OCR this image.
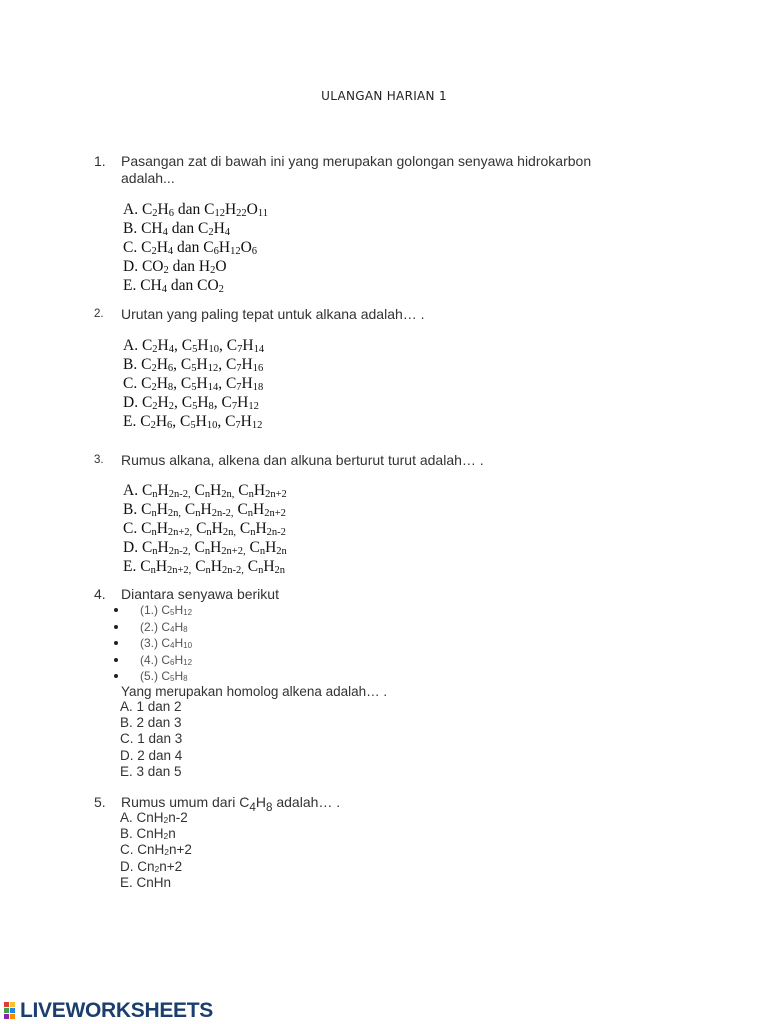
ULANGAN HARIAN 1
1. Pasangan zat di bawah ini yang merupakan golongan senyawa hidrokarbon adalah...
A. $C_2H_6$ dan $C_{12}H_{22}O_{11}$
B. $CH_4$ dan $C_2H_4$
C. $C_2H_4$ dan $C_6H_{12}O_6$
D. $CO_2$ dan $H_2O$
E. $CH_4$ dan $CO_2$
2. Urutan yang paling tepat untuk alkana adalah… .
A. $C_2H_4$, $C_5H_{10}$, $C_7H_{14}$
B. $C_2H_6$, $C_5H_{12}$, $C_7H_{16}$
C. $C_2H_8$, $C_5H_{14}$, $C_7H_{18}$
D. $C_2H_2$, $C_5H_8$, $C_7H_{12}$
E. $C_2H_6$, $C_5H_{10}$, $C_7H_{12}$
3. Rumus alkana, alkena dan alkuna berturut turut adalah… .
A. $C_nH_{2n-2,}$ $C_nH_{2n,}$ $C_nH_{2n+2}$
B. $C_nH_{2n,}$ $C_nH_{2n-2,}$ $C_nH_{2n+2}$
C. $C_nH_{2n+2,}$ $C_nH_{2n,}$ $C_nH_{2n-2}$
D. $C_nH_{2n-2,}$ $C_nH_{2n+2,}$ $C_nH_{2n}$
E. $C_nH_{2n+2,}$ $C_nH_{2n-2,}$ $C_nH_{2n}$
4. Diantara senyawa berikut
(1.) $C_5H_{12}$
(2.) $C_4H_8$
(3.) $C_4H_{10}$
(4.) $C_6H_{12}$
(5.) $C_5H_8$
Yang merupakan homolog alkena adalah… .
A. 1 dan 2
B. 2 dan 3
C. 1 dan 3
D. 2 dan 4
E. 3 dan 5
5. Rumus umum dari $C_4H_8$ adalah… .
A. CnH$_2$n-2
B. CnH$_2$n
C. CnH$_2$n+2
D. $Cn_2n+2$
E. CnHn
LIVEWORKSHEETS
